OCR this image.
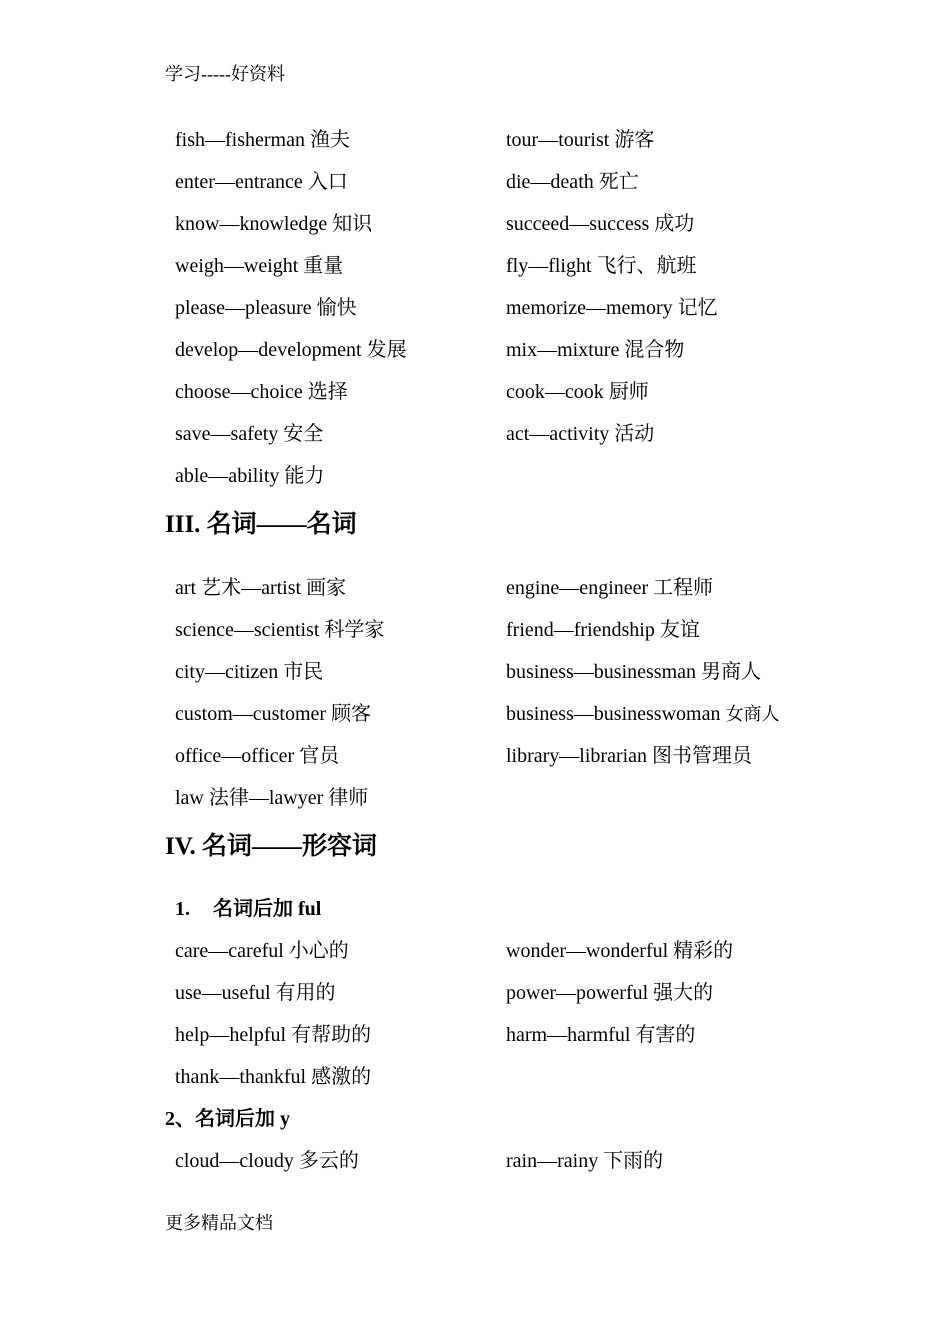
学习-----好资料
fish—fisherman 渔夫	tour—tourist 游客
enter—entrance 入口	die—death 死亡
know—knowledge 知识	succeed—success 成功
weigh—weight 重量	fly—flight 飞行、航班
please—pleasure 愉快	memorize—memory 记忆
develop—development 发展	mix—mixture 混合物
choose—choice 选择	cook—cook 厨师
save—safety 安全	act—activity 活动
able—ability 能力
III. 名词——名词
art 艺术—artist 画家	engine—engineer 工程师
science—scientist 科学家	friend—friendship 友谊
city—citizen 市民	business—businessman 男商人
custom—customer 顾客	business—businesswoman 女商人
office—officer 官员	library—librarian 图书管理员
law 法律—lawyer 律师
IV. 名词——形容词
1. 名词后加 ful
care—careful 小心的	wonder—wonderful 精彩的
use—useful 有用的	power—powerful 强大的
help—helpful 有帮助的	harm—harmful 有害的
thank—thankful 感激的
2、名词后加 y
cloud—cloudy 多云的	rain—rainy 下雨的
更多精品文档
